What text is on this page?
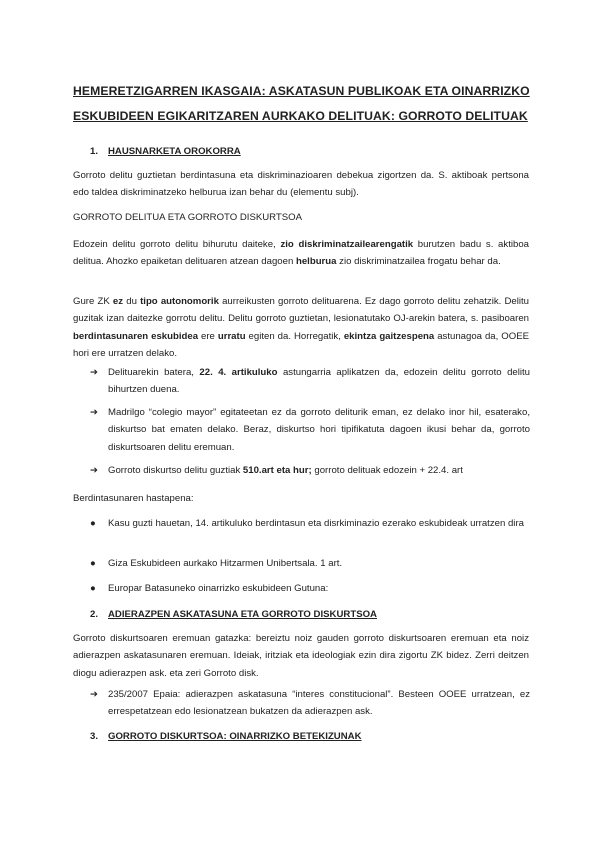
HEMERETZIGARREN IKASGAIA: ASKATASUN PUBLIKOAK ETA OINARRIZKO
ESKUBIDEEN EGIKARITZAREN AURKAKO DELITUAK: GORROTO DELITUAK
1. HAUSNARKETA OROKORRA
Gorroto delitu guztietan berdintasuna eta diskriminazioaren debekua zigortzen da. S. aktiboak pertsona edo taldea diskriminatzeko helburua izan behar du (elementu subj).
GORROTO DELITUA ETA GORROTO DISKURTSOA
Edozein delitu gorroto delitu bihurutu daiteke, zio diskriminatzailearengatik burutzen badu s. aktiboa delitua. Ahozko epaiketan delituaren atzean dagoen helburua zio diskriminatzailea frogatu behar da.
Gure ZK ez du tipo autonomorik aurreikusten gorroto delituarena. Ez dago gorroto delitu zehatzik. Delitu guzitak izan daitezke gorrotu delitu. Delitu gorroto guztietan, lesionatutako OJ-arekin batera, s. pasiboaren berdintasunaren eskubidea ere urratu egiten da. Horregatik, ekintza gaitzespena astunagoa da, OOEE hori ere urratzen delako.
➔	Delituarekin batera, 22. 4. artikuluko astungarria aplikatzen da, edozein delitu gorroto delitu bihurtzen duena.
➔	Madrilgo “colegio mayor” egitateetan ez da gorroto deliturik eman, ez delako inor hil, esaterako, diskurtso bat ematen delako. Beraz, diskurtso hori tipifikatuta dagoen ikusi behar da, gorroto diskurtsoaren delitu eremuan.
➔	Gorroto diskurtso delitu guztiak 510.art eta hur; gorroto delituak edozein + 22.4. art
Berdintasunaren hastapena:
●	Kasu guzti hauetan, 14. artikuluko berdintasun eta disrkiminazio ezerako eskubideak urratzen dira
●	Giza Eskubideen aurkako Hitzarmen Unibertsala. 1 art.
●	Europar Batasuneko oinarrizko eskubideen Gutuna:
2. ADIERAZPEN ASKATASUNA ETA GORROTO DISKURTSOA
Gorroto diskurtsoaren eremuan gatazka: bereiztu noiz gauden gorroto diskurtsoaren eremuan eta noiz adierazpen askatasunaren eremuan. Ideiak, iritziak eta ideologiak ezin dira zigortu ZK bidez. Zerri deitzen diogu adierazpen ask. eta zeri Gorroto disk.
➔	235/2007 Epaia: adierazpen askatasuna “interes constitucional”. Besteen OOEE urratzean, ez errespetatzean edo lesionatzean bukatzen da adierazpen ask.
3. GORROTO DISKURTSOA: OINARRIZKO BETEKIZUNAK
